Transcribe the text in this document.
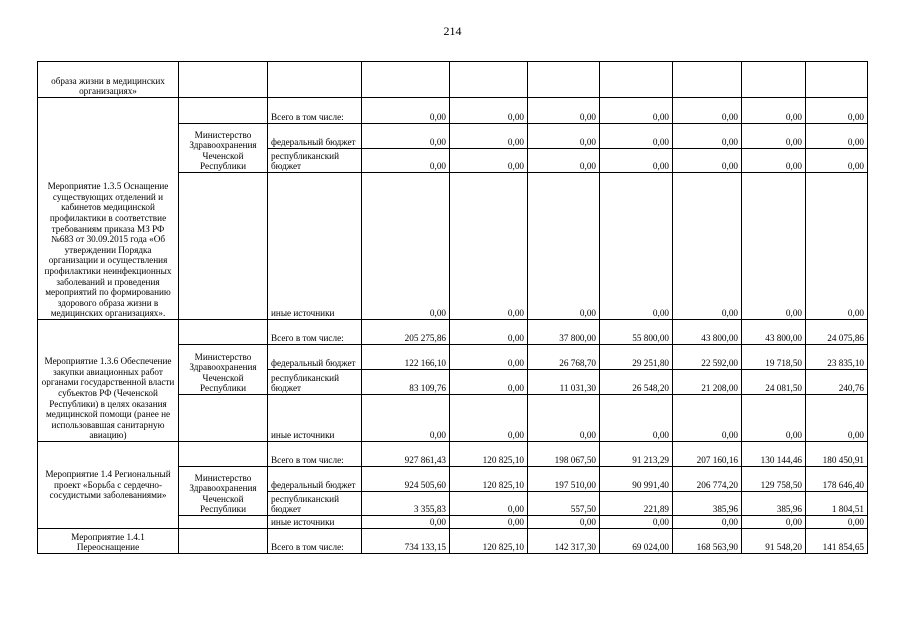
214
образа жизни в медицинских организациях»									
Мероприятие 1.3.5 Оснащение существующих отделений и кабинетов медицинской профилактики в соответствие требованиям приказа МЗ РФ №683 от 30.09.2015 года «Об утверждении Порядка организации и осуществления профилактики неинфекционных заболеваний и проведения мероприятий по формированию здорового образа жизни в медицинских организациях».		Всего в том числе:	0,00	0,00	0,00	0,00	0,00	0,00	0,00
	Министерство Здравоохранения Чеченской Республики	федеральный бюджет	0,00	0,00	0,00	0,00	0,00	0,00	0,00
		республиканский бюджет	0,00	0,00	0,00	0,00	0,00	0,00	0,00
		иные источники	0,00	0,00	0,00	0,00	0,00	0,00	0,00
Мероприятие 1.3.6 Обеспечение закупки авиационных работ органами государственной власти субъектов РФ (Чеченской Республики) в целях оказания медицинской помощи (ранее не использовавшая санитарную авиацию)		Всего в том числе:	205 275,86	0,00	37 800,00	55 800,00	43 800,00	43 800,00	24 075,86
	Министерство Здравоохранения Чеченской Республики	федеральный бюджет	122 166,10	0,00	26 768,70	29 251,80	22 592,00	19 718,50	23 835,10
		республиканский бюджет	83 109,76	0,00	11 031,30	26 548,20	21 208,00	24 081,50	240,76
		иные источники	0,00	0,00	0,00	0,00	0,00	0,00	0,00
Мероприятие 1.4 Региональный проект «Борьба с сердечно-сосудистыми заболеваниями»		Всего в том числе:	927 861,43	120 825,10	198 067,50	91 213,29	207 160,16	130 144,46	180 450,91
	Министерство Здравоохранения Чеченской Республики	федеральный бюджет	924 505,60	120 825,10	197 510,00	90 991,40	206 774,20	129 758,50	178 646,40
		республиканский бюджет	3 355,83	0,00	557,50	221,89	385,96	385,96	1 804,51
		иные источники	0,00	0,00	0,00	0,00	0,00	0,00	0,00
Мероприятие 1.4.1 Переоснащение		Всего в том числе:	734 133,15	120 825,10	142 317,30	69 024,00	168 563,90	91 548,20	141 854,65
